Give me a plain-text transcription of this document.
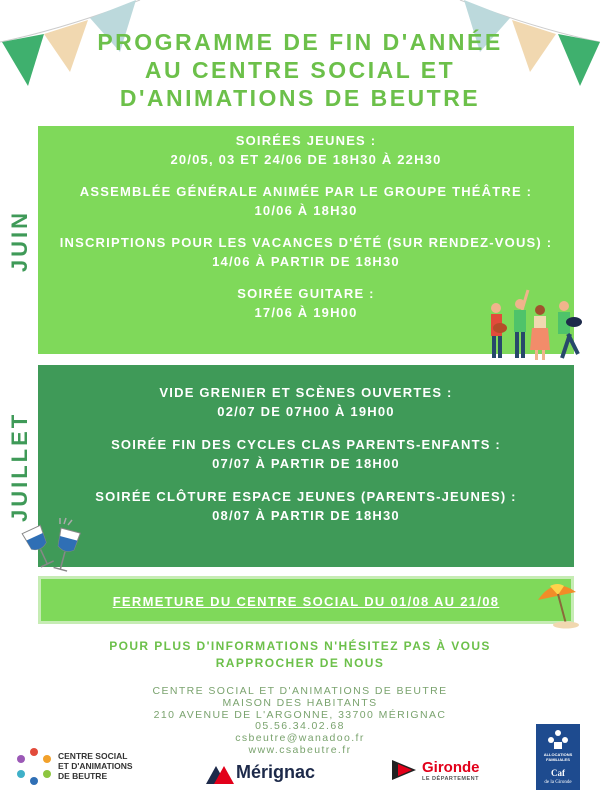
PROGRAMME DE FIN D'ANNÉE
AU CENTRE SOCIAL ET
D'ANIMATIONS DE BEUTRE
JUIN
JUILLET
SOIRÉES JEUNES :
20/05, 03 ET 24/06 DE 18H30 À 22H30
ASSEMBLÉE GÉNÉRALE ANIMÉE PAR LE GROUPE THÉÂTRE :
10/06 À 18H30
INSCRIPTIONS POUR LES VACANCES D'ÉTÉ (SUR RENDEZ-VOUS) :
14/06 À PARTIR DE 18H30
SOIRÉE GUITARE :
17/06 À 19H00
VIDE GRENIER ET SCÈNES OUVERTES :
02/07 DE 07H00 À 19H00
SOIRÉE FIN DES CYCLES CLAS PARENTS-ENFANTS :
07/07 À PARTIR DE 18H00
SOIRÉE CLÔTURE ESPACE JEUNES (PARENTS-JEUNES) :
08/07 À PARTIR DE 18H30
FERMETURE DU CENTRE SOCIAL DU 01/08 AU 21/08
POUR PLUS D'INFORMATIONS N'HÉSITEZ PAS À VOUS
RAPPROCHER DE NOUS
CENTRE SOCIAL ET D'ANIMATIONS DE BEUTRE
MAISON DES HABITANTS
210 AVENUE DE L'ARGONNE, 33700 MÉRIGNAC
05.56.34.02.68
csbeutre@wanadoo.fr
www.csabeutre.fr
CENTRE SOCIAL
ET D'ANIMATIONS
DE BEUTRE	Mérignac	Gironde
LE DÉPARTEMENT
ALLOCATIONS
FAMILIALES
Caf
de la Gironde
